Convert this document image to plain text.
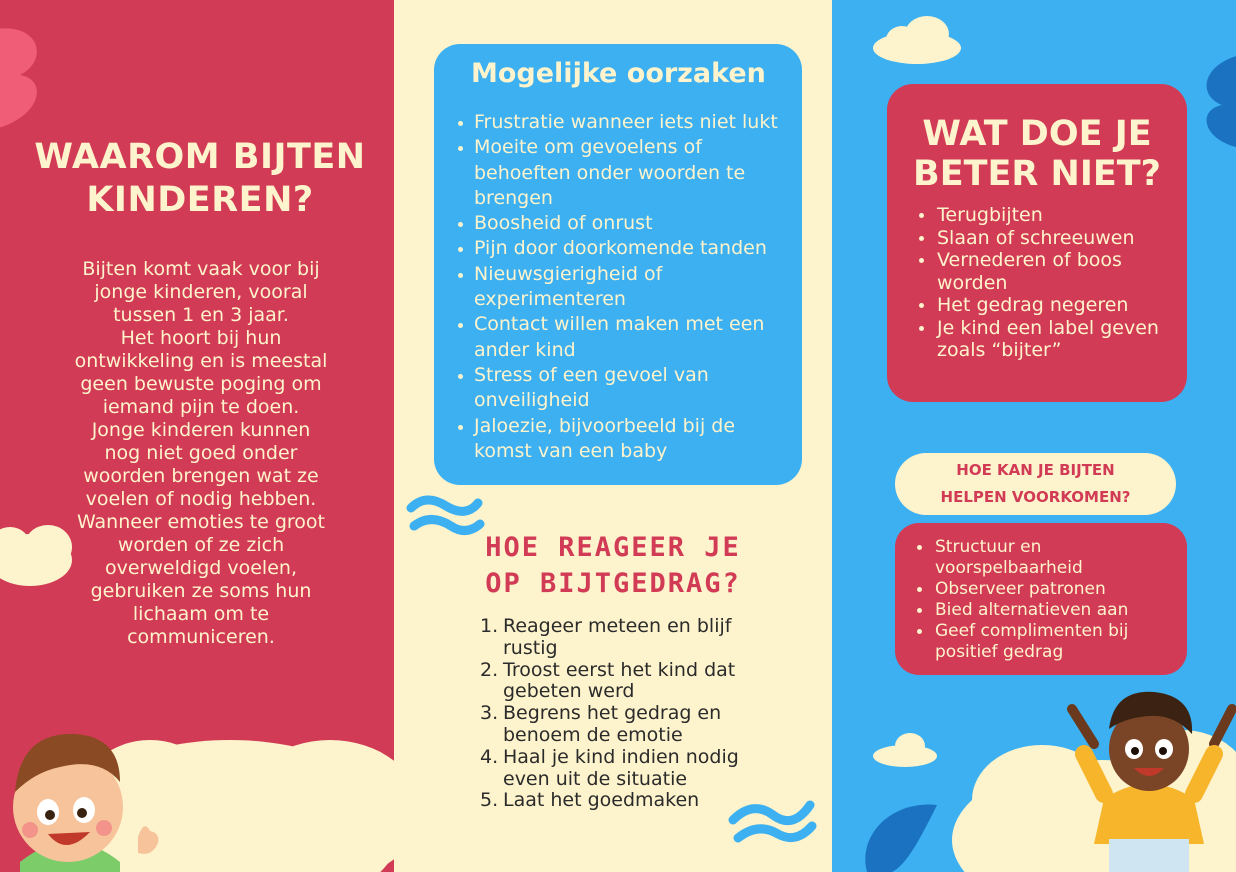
WAAROM BIJTEN KINDEREN?
Bijten komt vaak voor bij
jonge kinderen, vooral
tussen 1 en 3 jaar.
Het hoort bij hun
ontwikkeling en is meestal
geen bewuste poging om
iemand pijn te doen.
Jonge kinderen kunnen
nog niet goed onder
woorden brengen wat ze
voelen of nodig hebben.
Wanneer emoties te groot
worden of ze zich
overweldigd voelen,
gebruiken ze soms hun
lichaam om te
communiceren.
Mogelijke oorzaken
Frustratie wanneer iets niet lukt
Moeite om gevoelens of behoeften onder woorden te brengen
Boosheid of onrust
Pijn door doorkomende tanden
Nieuwsgierigheid of experimenteren
Contact willen maken met een ander kind
Stress of een gevoel van onveiligheid
Jaloezie, bijvoorbeeld bij de komst van een baby
HOE REAGEER JE
OP BIJTGEDRAG?
1. Reageer meteen en blijf rustig
2. Troost eerst het kind dat gebeten werd
3. Begrens het gedrag en benoem de emotie
4. Haal je kind indien nodig even uit de situatie
5. Laat het goedmaken
WAT DOE JE
BETER NIET?
Terugbijten
Slaan of schreeuwen
Vernederen of boos worden
Het gedrag negeren
Je kind een label geven zoals “bijter”
HOE KAN JE BIJTEN
HELPEN VOORKOMEN?
Structuur en voorspelbaarheid
Observeer patronen
Bied alternatieven aan
Geef complimenten bij positief gedrag
